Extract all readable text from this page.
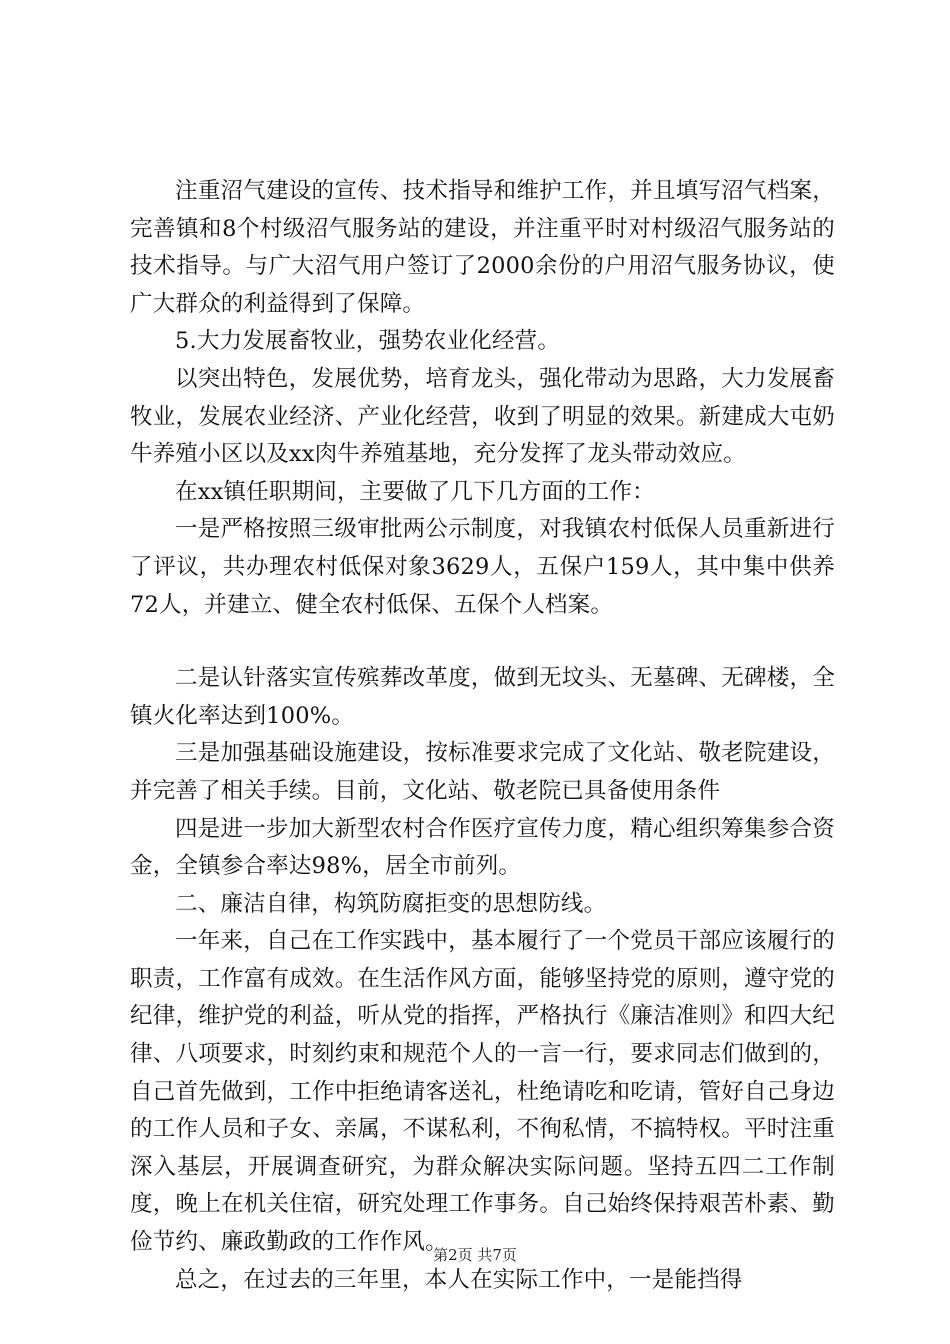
注重沼气建设的宣传、技术指导和维护工作，并且填写沼气档案，完善镇和8个村级沼气服务站的建设，并注重平时对村级沼气服务站的技术指导。与广大沼气用户签订了2000余份的户用沼气服务协议，使广大群众的利益得到了保障。

5.大力发展畜牧业，强势农业化经营。

以突出特色，发展优势，培育龙头，强化带动为思路，大力发展畜牧业，发展农业经济、产业化经营，收到了明显的效果。新建成大屯奶牛养殖小区以及xx肉牛养殖基地，充分发挥了龙头带动效应。

在xx镇任职期间，主要做了几下几方面的工作：

一是严格按照三级审批两公示制度，对我镇农村低保人员重新进行了评议，共办理农村低保对象3629人，五保户159人，其中集中供养72人，并建立、健全农村低保、五保个人档案。

二是认针落实宣传殡葬改革度，做到无坟头、无墓碑、无碑楼，全镇火化率达到100%。

三是加强基础设施建设，按标准要求完成了文化站、敬老院建设，并完善了相关手续。目前，文化站、敬老院已具备使用条件

四是进一步加大新型农村合作医疗宣传力度，精心组织筹集参合资金，全镇参合率达98%，居全市前列。

二、廉洁自律，构筑防腐拒变的思想防线。

一年来，自己在工作实践中，基本履行了一个党员干部应该履行的职责，工作富有成效。在生活作风方面，能够坚持党的原则，遵守党的纪律，维护党的利益，听从党的指挥，严格执行《廉洁准则》和四大纪律、八项要求，时刻约束和规范个人的一言一行，要求同志们做到的，自己首先做到，工作中拒绝请客送礼，杜绝请吃和吃请，管好自己身边的工作人员和子女、亲属，不谋私利，不徇私情，不搞特权。平时注重深入基层，开展调查研究，为群众解决实际问题。坚持五四二工作制度，晚上在机关住宿，研究处理工作事务。自己始终保持艰苦朴素、勤俭节约、廉政勤政的工作作风。

总之，在过去的三年里，本人在实际工作中，一是能挡得

第2页 共7页
